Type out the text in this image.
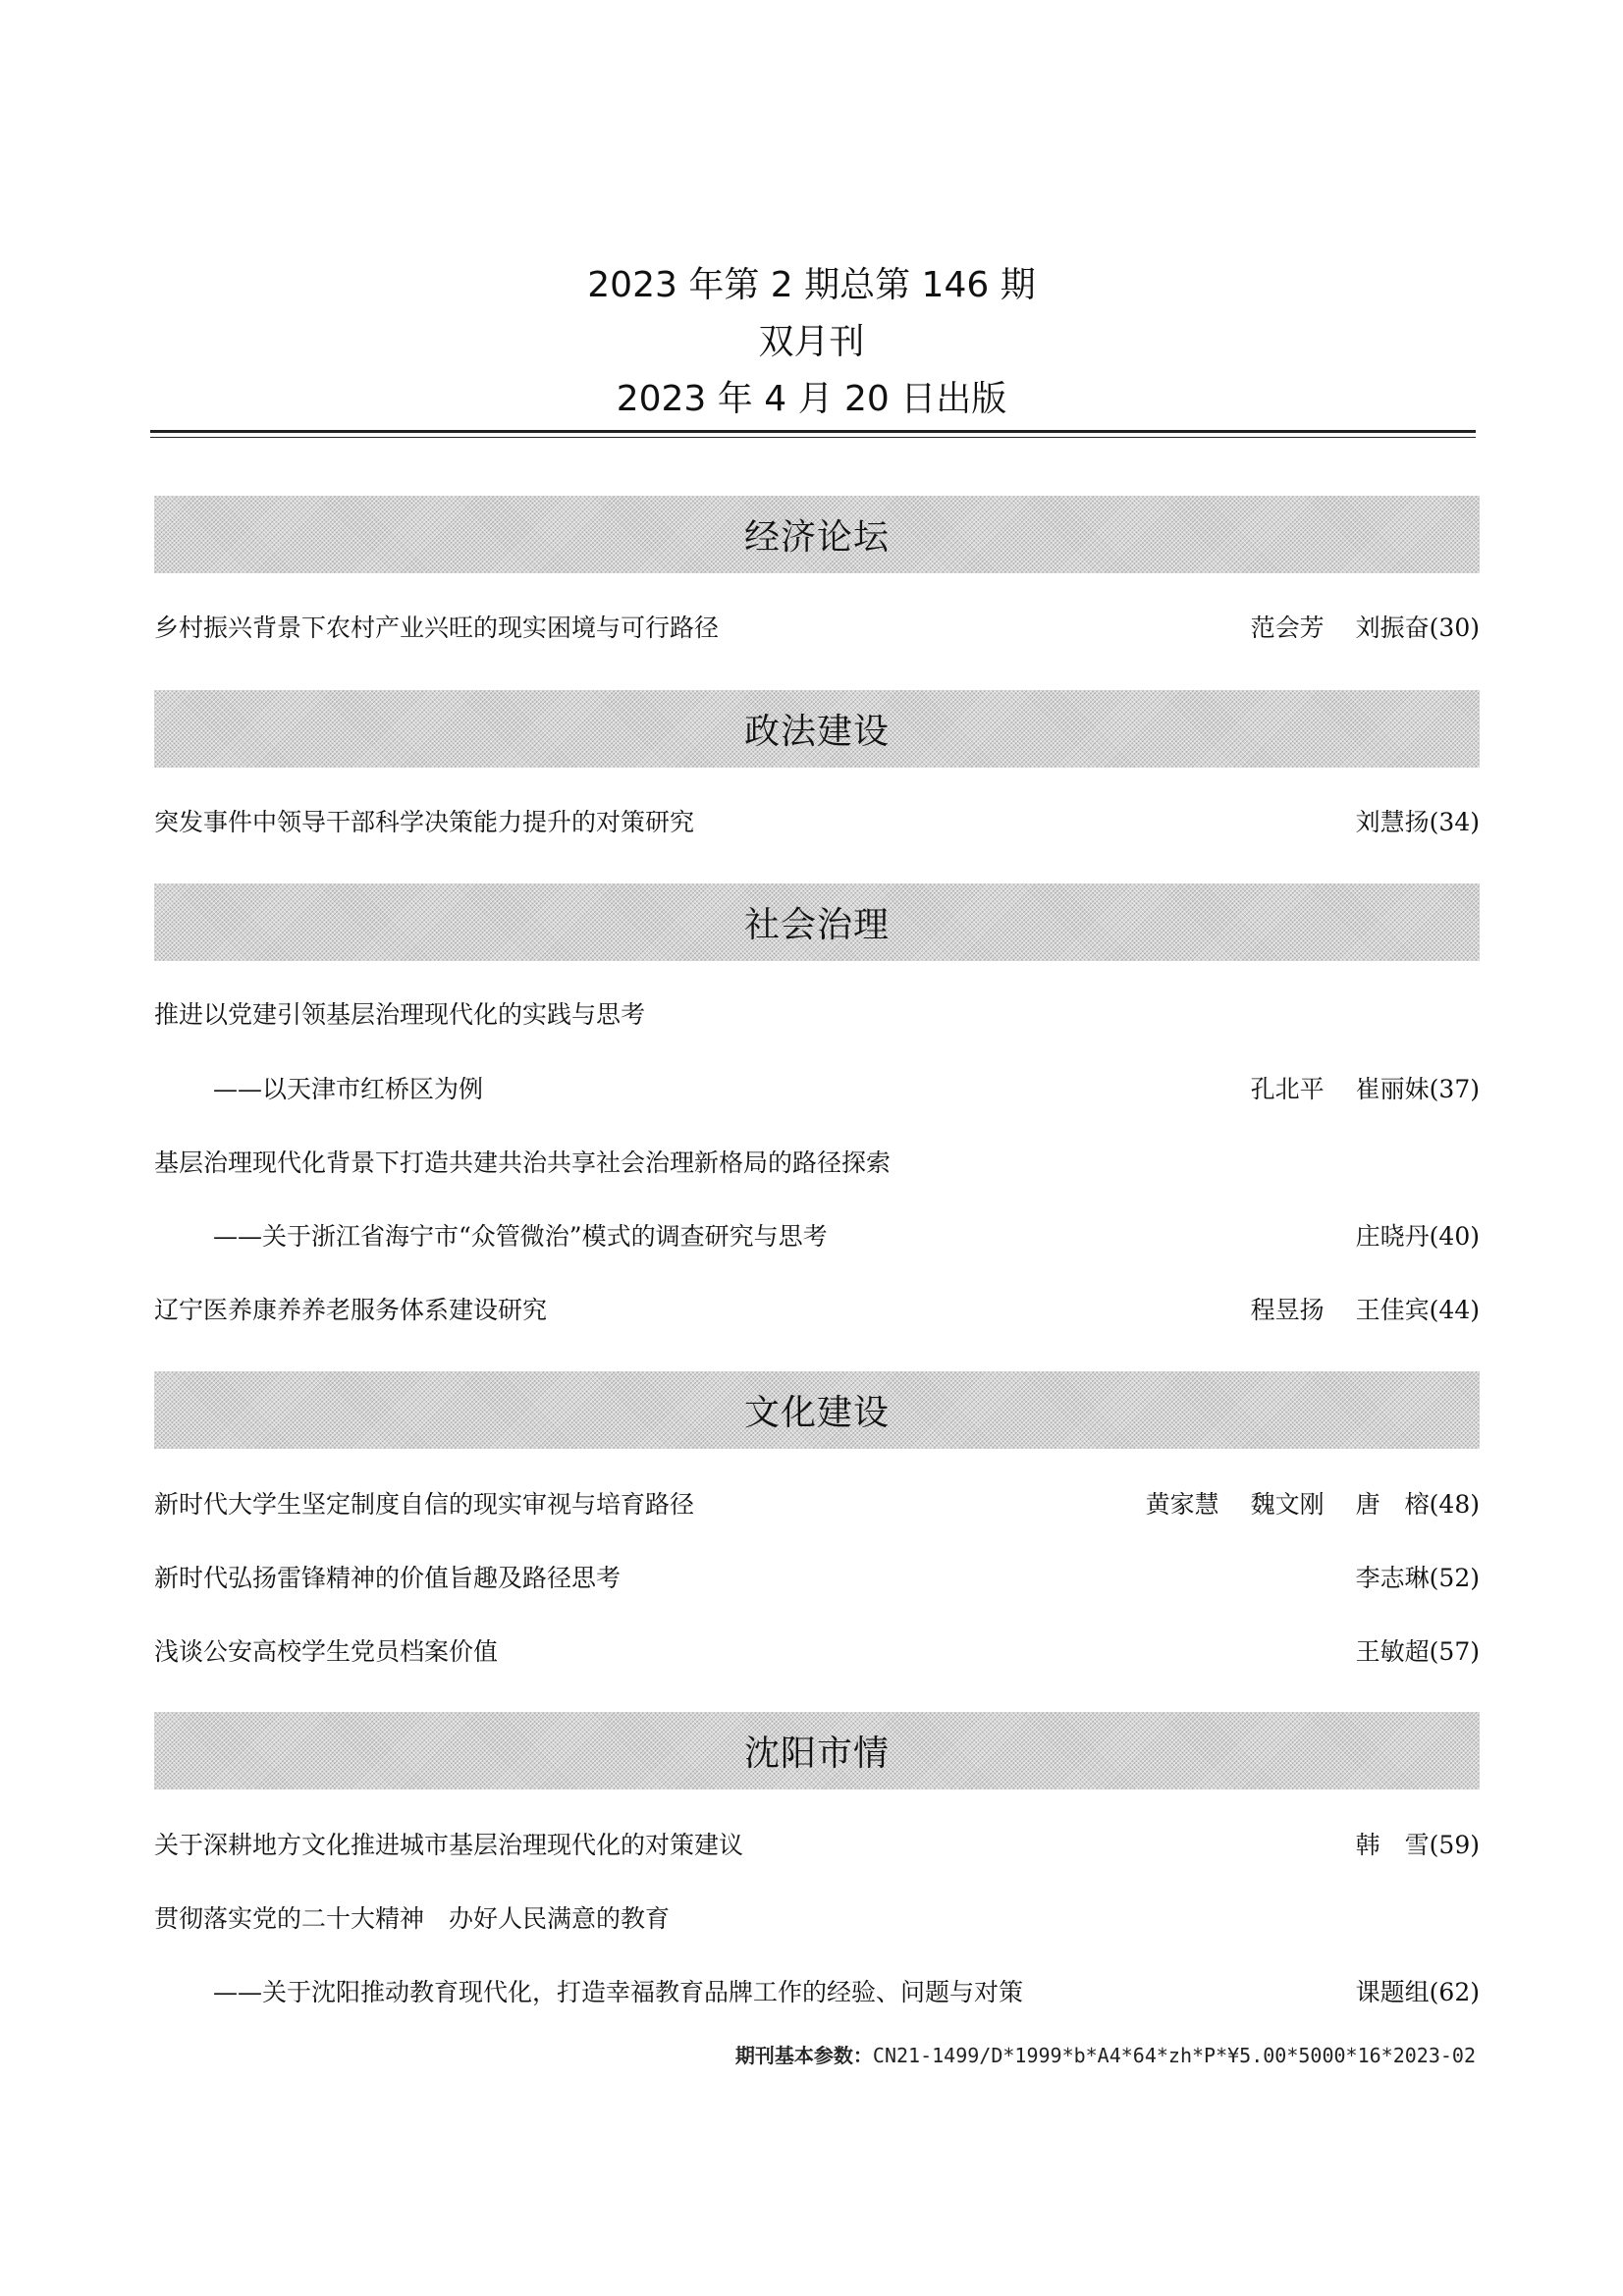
2023 年第 2 期总第 146 期
双月刊
2023 年 4 月 20 日出版
经济论坛
乡村振兴背景下农村产业兴旺的现实困境与可行路径	范会芳 刘振奋(30)
政法建设
突发事件中领导干部科学决策能力提升的对策研究	刘慧扬(34)
社会治理
推进以党建引领基层治理现代化的实践与思考
——以天津市红桥区为例	孔北平 崔丽妹(37)
基层治理现代化背景下打造共建共治共享社会治理新格局的路径探索
——关于浙江省海宁市“众管微治”模式的调查研究与思考	庄晓丹(40)
辽宁医养康养养老服务体系建设研究	程昱扬 王佳宾(44)
文化建设
新时代大学生坚定制度自信的现实审视与培育路径	黄家慧 魏文刚 唐　榕(48)
新时代弘扬雷锋精神的价值旨趣及路径思考	李志琳(52)
浅谈公安高校学生党员档案价值	王敏超(57)
沈阳市情
关于深耕地方文化推进城市基层治理现代化的对策建议	韩　雪(59)
贯彻落实党的二十大精神　办好人民满意的教育
——关于沈阳推动教育现代化，打造幸福教育品牌工作的经验、问题与对策	课题组(62)
期刊基本参数：CN21-1499/D*1999*b*A4*64*zh*P*¥5.00*5000*16*2023-02
